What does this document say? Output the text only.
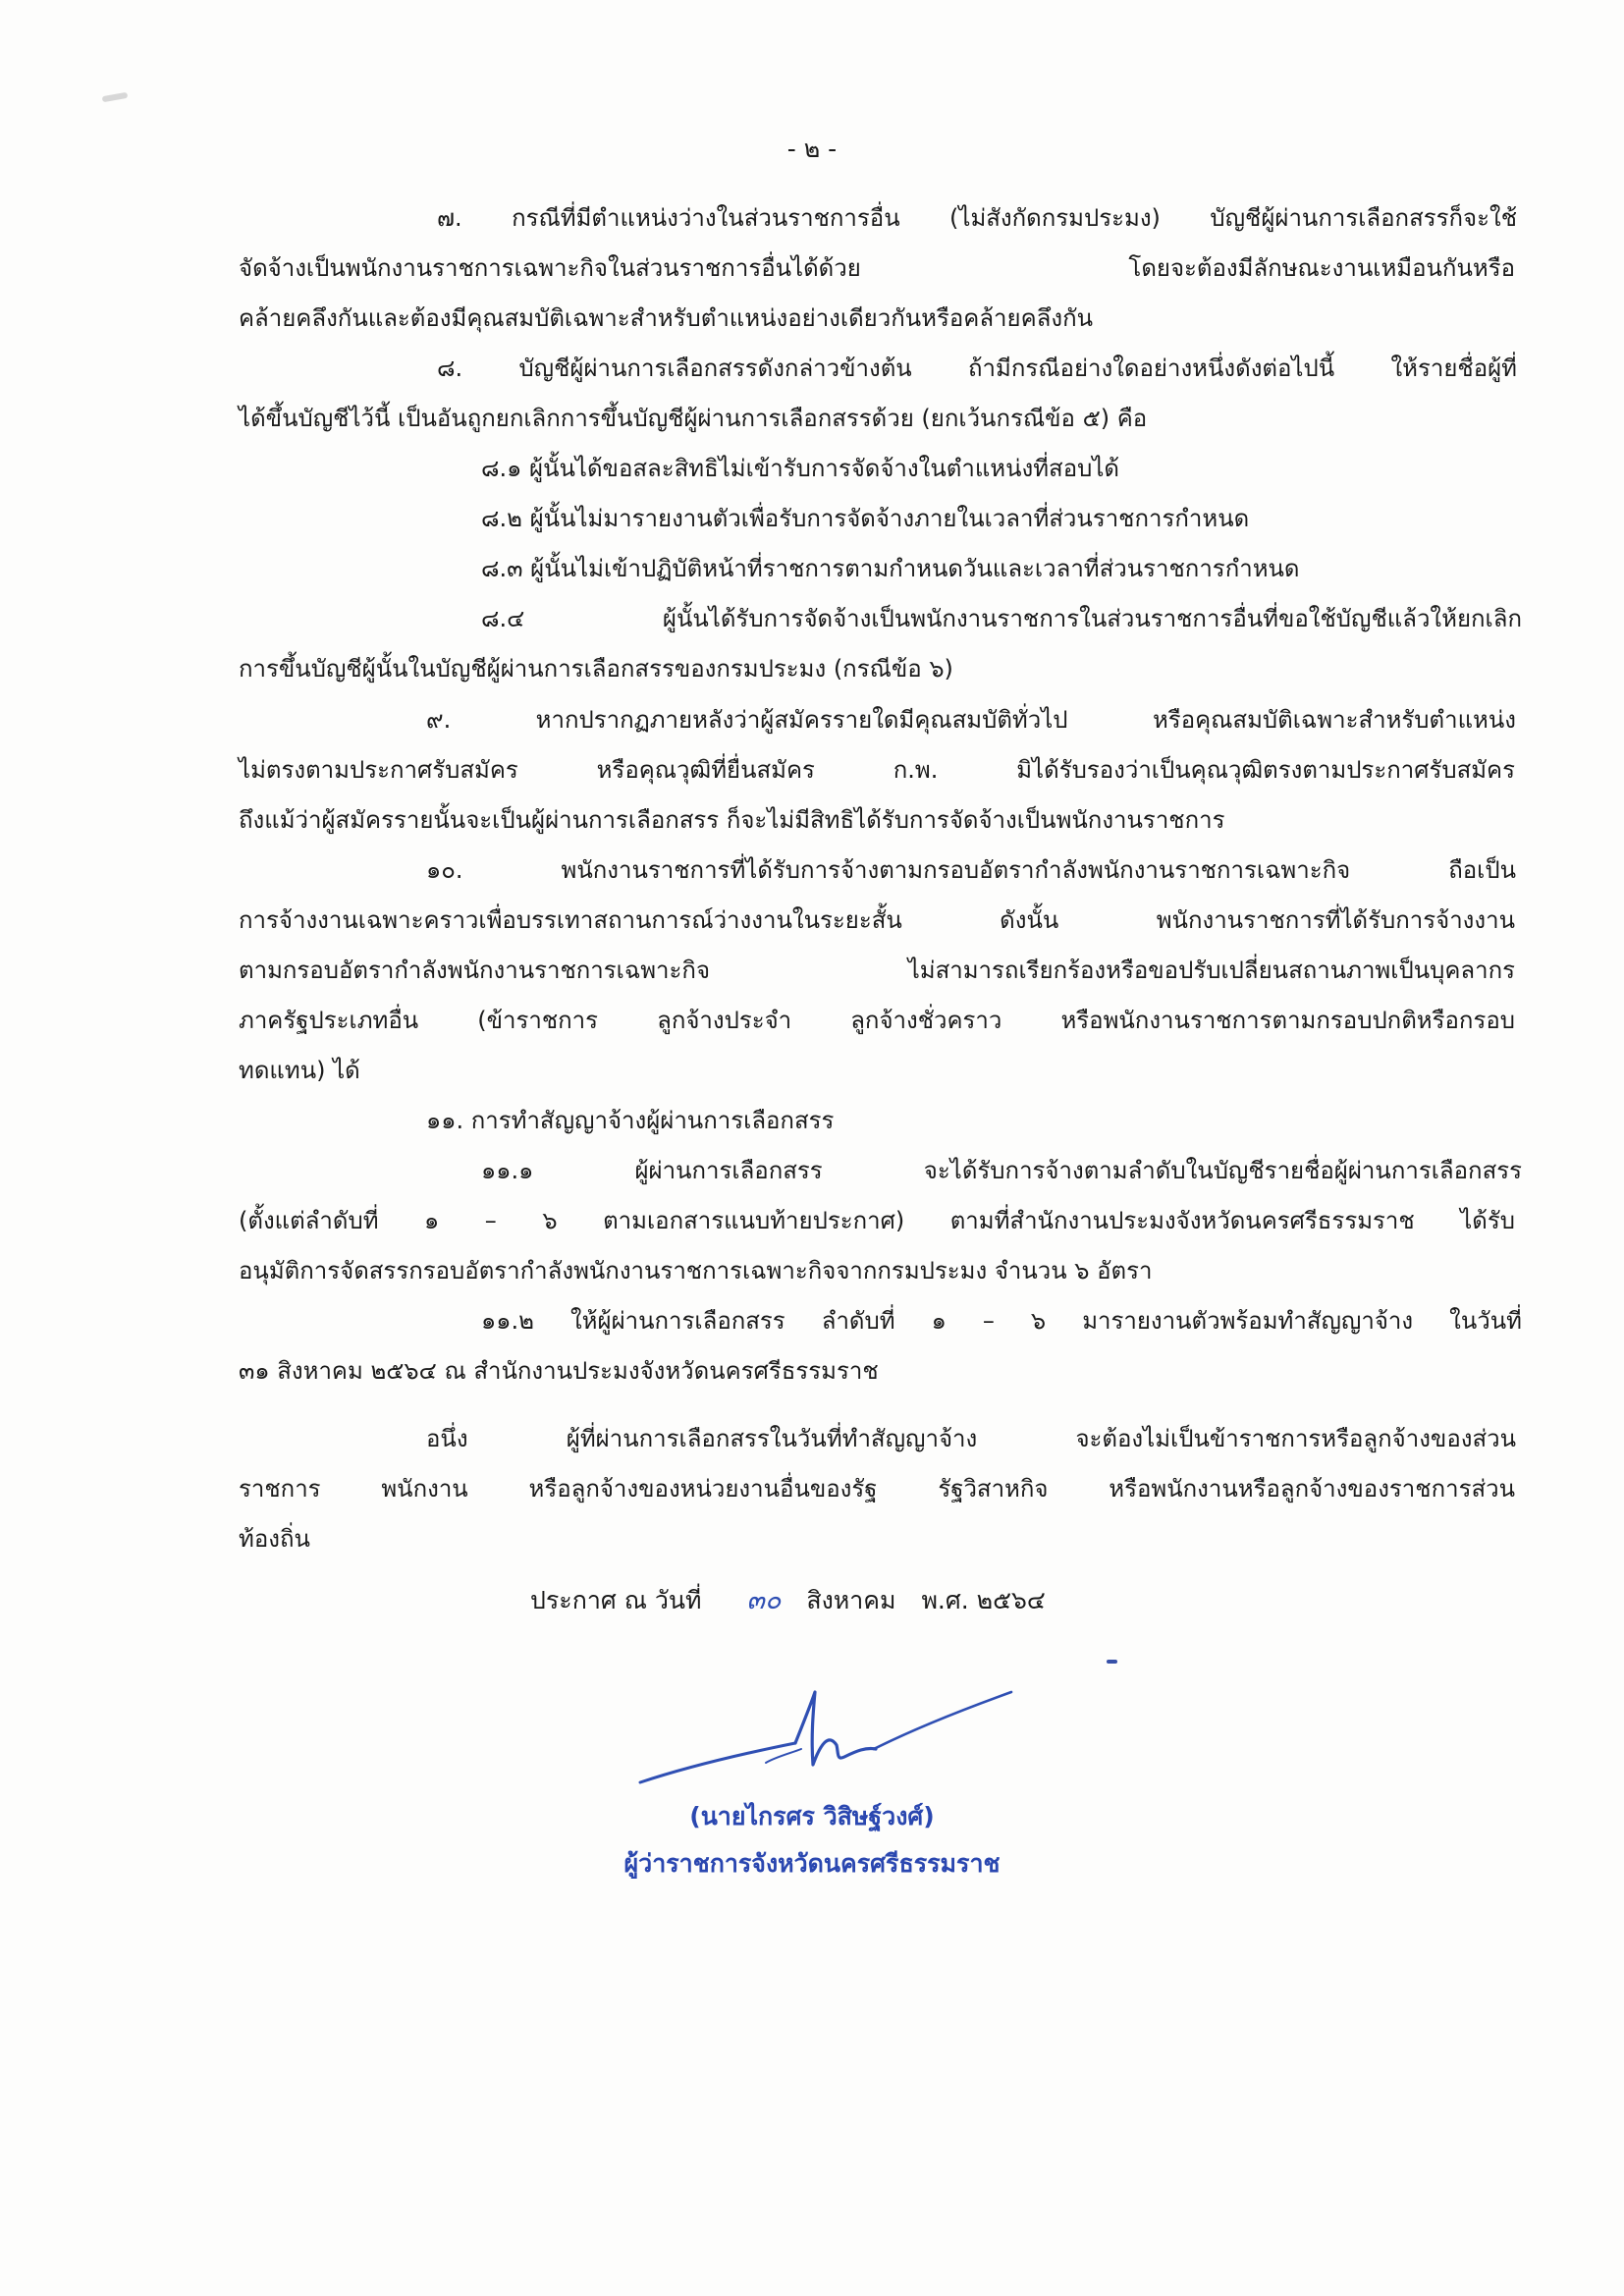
- ๒ -
๗. กรณีที่มีตำแหน่งว่างในส่วนราชการอื่น (ไม่สังกัดกรมประมง) บัญชีผู้ผ่านการเลือกสรรก็จะใช้
จัดจ้างเป็นพนักงานราชการเฉพาะกิจในส่วนราชการอื่นได้ด้วย โดยจะต้องมีลักษณะงานเหมือนกันหรือ
คล้ายคลึงกันและต้องมีคุณสมบัติเฉพาะสำหรับตำแหน่งอย่างเดียวกันหรือคล้ายคลึงกัน
๘. บัญชีผู้ผ่านการเลือกสรรดังกล่าวข้างต้น ถ้ามีกรณีอย่างใดอย่างหนึ่งดังต่อไปนี้ ให้รายชื่อผู้ที่
ได้ขึ้นบัญชีไว้นี้ เป็นอันถูกยกเลิกการขึ้นบัญชีผู้ผ่านการเลือกสรรด้วย (ยกเว้นกรณีข้อ ๕) คือ
๘.๑ ผู้นั้นได้ขอสละสิทธิไม่เข้ารับการจัดจ้างในตำแหน่งที่สอบได้
๘.๒ ผู้นั้นไม่มารายงานตัวเพื่อรับการจัดจ้างภายในเวลาที่ส่วนราชการกำหนด
๘.๓ ผู้นั้นไม่เข้าปฏิบัติหน้าที่ราชการตามกำหนดวันและเวลาที่ส่วนราชการกำหนด
๘.๔ ผู้นั้นได้รับการจัดจ้างเป็นพนักงานราชการในส่วนราชการอื่นที่ขอใช้บัญชีแล้วให้ยกเลิก
การขึ้นบัญชีผู้นั้นในบัญชีผู้ผ่านการเลือกสรรของกรมประมง (กรณีข้อ ๖)
๙. หากปรากฏภายหลังว่าผู้สมัครรายใดมีคุณสมบัติทั่วไป หรือคุณสมบัติเฉพาะสำหรับตำแหน่ง
ไม่ตรงตามประกาศรับสมัคร หรือคุณวุฒิที่ยื่นสมัคร ก.พ. มิได้รับรองว่าเป็นคุณวุฒิตรงตามประกาศรับสมัคร
ถึงแม้ว่าผู้สมัครรายนั้นจะเป็นผู้ผ่านการเลือกสรร ก็จะไม่มีสิทธิได้รับการจัดจ้างเป็นพนักงานราชการ
๑๐. พนักงานราชการที่ได้รับการจ้างตามกรอบอัตรากำลังพนักงานราชการเฉพาะกิจ ถือเป็น
การจ้างงานเฉพาะคราวเพื่อบรรเทาสถานการณ์ว่างงานในระยะสั้น ดังนั้น พนักงานราชการที่ได้รับการจ้างงาน
ตามกรอบอัตรากำลังพนักงานราชการเฉพาะกิจ ไม่สามารถเรียกร้องหรือขอปรับเปลี่ยนสถานภาพเป็นบุคลากร
ภาครัฐประเภทอื่น (ข้าราชการ ลูกจ้างประจำ ลูกจ้างชั่วคราว หรือพนักงานราชการตามกรอบปกติหรือกรอบ
ทดแทน) ได้
๑๑. การทำสัญญาจ้างผู้ผ่านการเลือกสรร
๑๑.๑ ผู้ผ่านการเลือกสรร จะได้รับการจ้างตามลำดับในบัญชีรายชื่อผู้ผ่านการเลือกสรร
(ตั้งแต่ลำดับที่ ๑ – ๖ ตามเอกสารแนบท้ายประกาศ) ตามที่สำนักงานประมงจังหวัดนครศรีธรรมราช ได้รับ
อนุมัติการจัดสรรกรอบอัตรากำลังพนักงานราชการเฉพาะกิจจากกรมประมง จำนวน ๖ อัตรา
๑๑.๒ ให้ผู้ผ่านการเลือกสรร ลำดับที่ ๑ – ๖ มารายงานตัวพร้อมทำสัญญาจ้าง ในวันที่
๓๑ สิงหาคม ๒๕๖๔ ณ สำนักงานประมงจังหวัดนครศรีธรรมราช
อนึ่ง ผู้ที่ผ่านการเลือกสรรในวันที่ทำสัญญาจ้าง จะต้องไม่เป็นข้าราชการหรือลูกจ้างของส่วน
ราชการ พนักงาน หรือลูกจ้างของหน่วยงานอื่นของรัฐ รัฐวิสาหกิจ หรือพนักงานหรือลูกจ้างของราชการส่วน
ท้องถิ่น
ประกาศ ณ วันที่ ๓๐ สิงหาคม พ.ศ. ๒๕๖๔
(นายไกรศร วิสิษฐ์วงศ์)
ผู้ว่าราชการจังหวัดนครศรีธรรมราช
